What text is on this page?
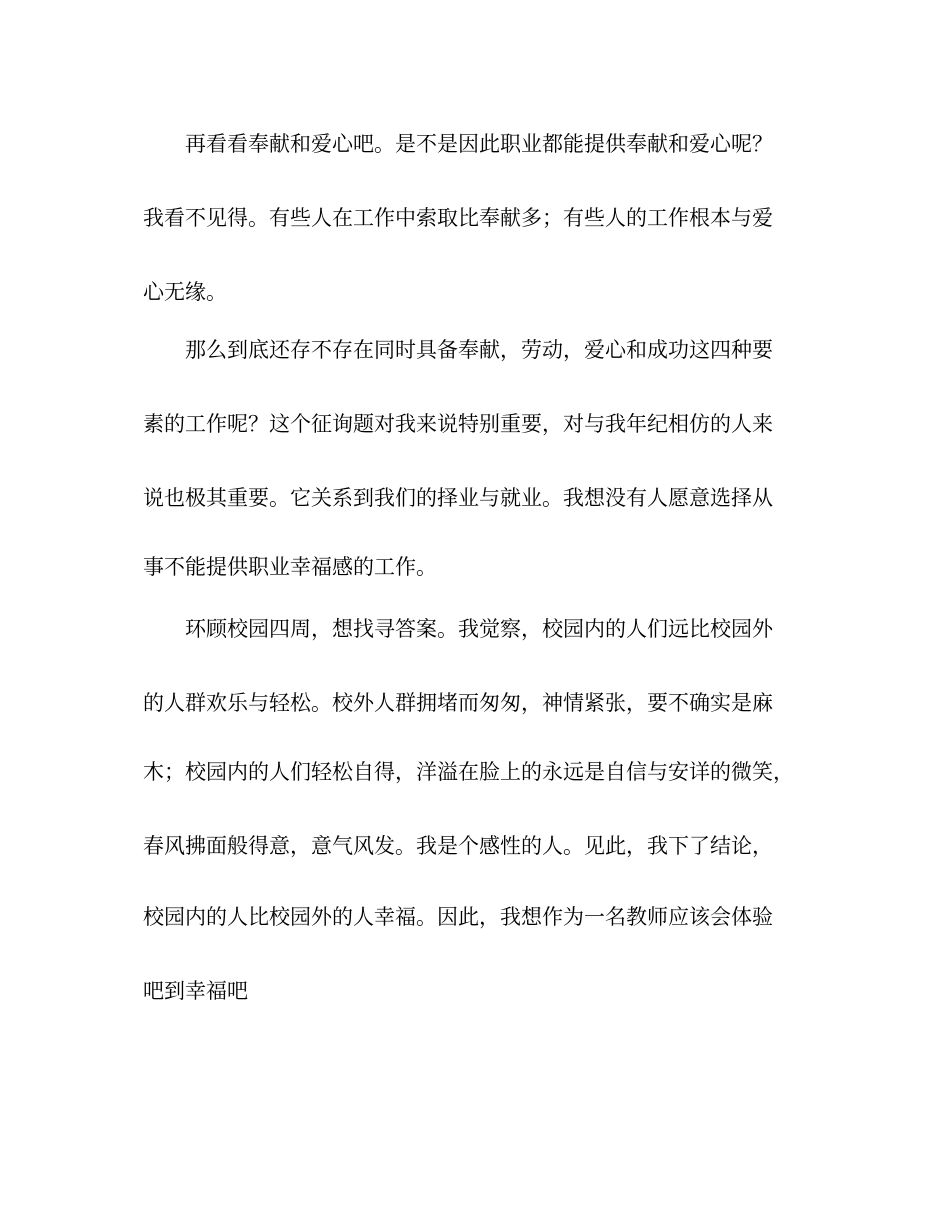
再看看奉献和爱心吧。是不是因此职业都能提供奉献和爱心呢？

我看不见得。有些人在工作中索取比奉献多；有些人的工作根本与爱

心无缘。

那么到底还存不存在同时具备奉献，劳动，爱心和成功这四种要

素的工作呢？这个征询题对我来说特别重要，对与我年纪相仿的人来

说也极其重要。它关系到我们的择业与就业。我想没有人愿意选择从

事不能提供职业幸福感的工作。

环顾校园四周，想找寻答案。我觉察，校园内的人们远比校园外

的人群欢乐与轻松。校外人群拥堵而匆匆，神情紧张，要不确实是麻

木；校园内的人们轻松自得，洋溢在脸上的永远是自信与安详的微笑，

春风拂面般得意，意气风发。我是个感性的人。见此，我下了结论，

校园内的人比校园外的人幸福。因此，我想作为一名教师应该会体验

吧到幸福吧
